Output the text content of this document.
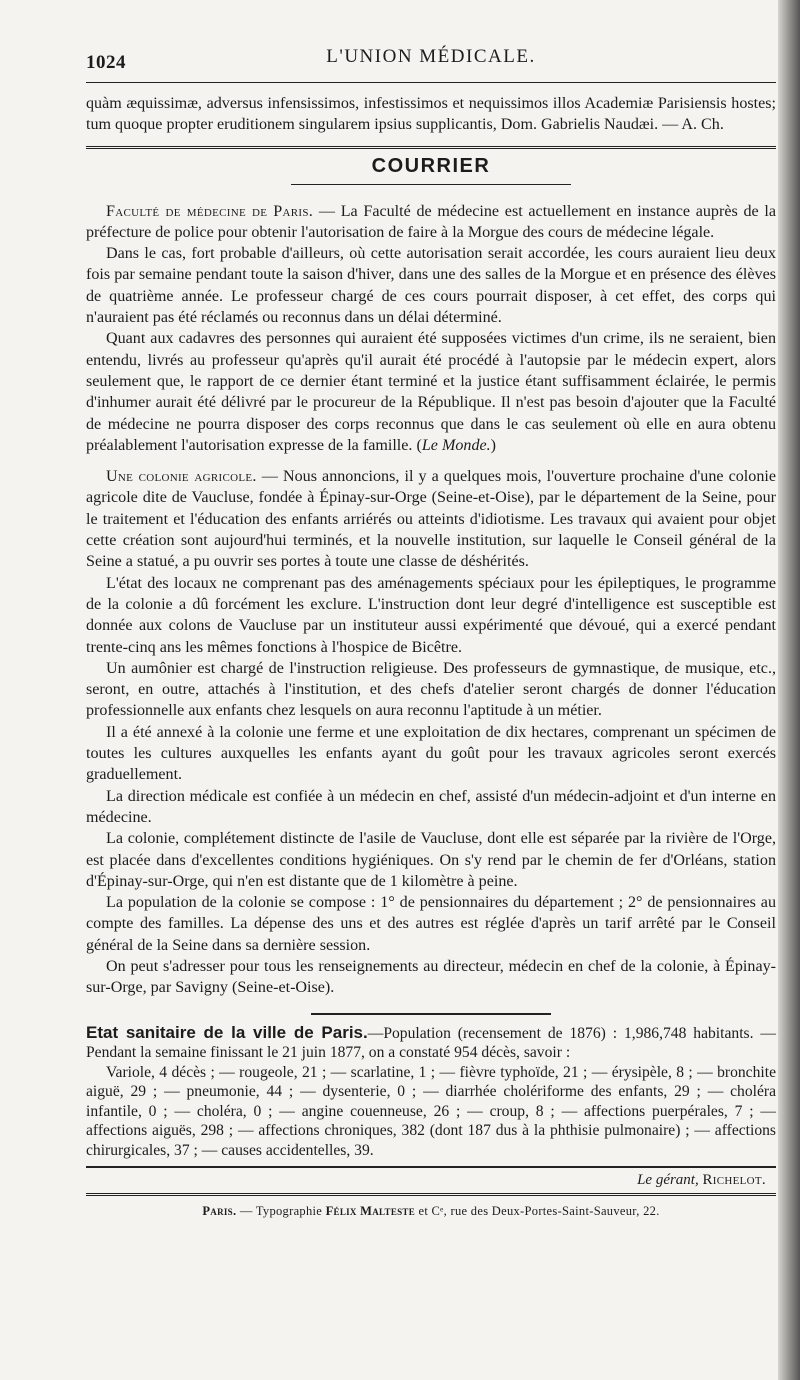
1024	L'UNION MÉDICALE.

quàm æquissimæ, adversus infensissimos, infestissimos et nequissimos illos Academiæ Parisiensis hostes; tum quoque propter eruditionem singularem ipsius supplicantis, Dom. Gabrielis Naudæi. — A. Ch.

COURRIER

Faculté de médecine de Paris. — La Faculté de médecine est actuellement en instance auprès de la préfecture de police pour obtenir l'autorisation de faire à la Morgue des cours de médecine légale.

Dans le cas, fort probable d'ailleurs, où cette autorisation serait accordée, les cours auraient lieu deux fois par semaine pendant toute la saison d'hiver, dans une des salles de la Morgue et en présence des élèves de quatrième année. Le professeur chargé de ces cours pourrait disposer, à cet effet, des corps qui n'auraient pas été réclamés ou reconnus dans un délai déterminé.

Quant aux cadavres des personnes qui auraient été supposées victimes d'un crime, ils ne seraient, bien entendu, livrés au professeur qu'après qu'il aurait été procédé à l'autopsie par le médecin expert, alors seulement que, le rapport de ce dernier étant terminé et la justice étant suffisamment éclairée, le permis d'inhumer aurait été délivré par le procureur de la République. Il n'est pas besoin d'ajouter que la Faculté de médecine ne pourra disposer des corps reconnus que dans le cas seulement où elle en aura obtenu préalablement l'autorisation expresse de la famille. (Le Monde.)

Une colonie agricole. — Nous annoncions, il y a quelques mois, l'ouverture prochaine d'une colonie agricole dite de Vaucluse, fondée à Épinay-sur-Orge (Seine-et-Oise), par le département de la Seine, pour le traitement et l'éducation des enfants arriérés ou atteints d'idiotisme. Les travaux qui avaient pour objet cette création sont aujourd'hui terminés, et la nouvelle institution, sur laquelle le Conseil général de la Seine a statué, a pu ouvrir ses portes à toute une classe de déshérités.

L'état des locaux ne comprenant pas des aménagements spéciaux pour les épileptiques, le programme de la colonie a dû forcément les exclure. L'instruction dont leur degré d'intelligence est susceptible est donnée aux colons de Vaucluse par un instituteur aussi expérimenté que dévoué, qui a exercé pendant trente-cinq ans les mêmes fonctions à l'hospice de Bicêtre.

Un aumônier est chargé de l'instruction religieuse. Des professeurs de gymnastique, de musique, etc., seront, en outre, attachés à l'institution, et des chefs d'atelier seront chargés de donner l'éducation professionnelle aux enfants chez lesquels on aura reconnu l'aptitude à un métier.

Il a été annexé à la colonie une ferme et une exploitation de dix hectares, comprenant un spécimen de toutes les cultures auxquelles les enfants ayant du goût pour les travaux agricoles seront exercés graduellement.

La direction médicale est confiée à un médecin en chef, assisté d'un médecin-adjoint et d'un interne en médecine.

La colonie, complétement distincte de l'asile de Vaucluse, dont elle est séparée par la rivière de l'Orge, est placée dans d'excellentes conditions hygiéniques. On s'y rend par le chemin de fer d'Orléans, station d'Épinay-sur-Orge, qui n'en est distante que de 1 kilomètre à peine.

La population de la colonie se compose : 1° de pensionnaires du département ; 2° de pensionnaires au compte des familles. La dépense des uns et des autres est réglée d'après un tarif arrêté par le Conseil général de la Seine dans sa dernière session.

On peut s'adresser pour tous les renseignements au directeur, médecin en chef de la colonie, à Épinay-sur-Orge, par Savigny (Seine-et-Oise).

Etat sanitaire de la ville de Paris.—Population (recensement de 1876) : 1,986,748 habitants. — Pendant la semaine finissant le 21 juin 1877, on a constaté 954 décès, savoir :

Variole, 4 décès ; — rougeole, 21 ; — scarlatine, 1 ; — fièvre typhoïde, 21 ; — érysipèle, 8 ; — bronchite aiguë, 29 ; — pneumonie, 44 ; — dysenterie, 0 ; — diarrhée cholériforme des enfants, 29 ; — choléra infantile, 0 ; — choléra, 0 ; — angine couenneuse, 26 ; — croup, 8 ; — affections puerpérales, 7 ; — affections aiguës, 298 ; — affections chroniques, 382 (dont 187 dus à la phthisie pulmonaire) ; — affections chirurgicales, 37 ; — causes accidentelles, 39.

Le gérant, Richelot.
Paris. — Typographie Félix Malteste et Cᵉ, rue des Deux-Portes-Saint-Sauveur, 22.
